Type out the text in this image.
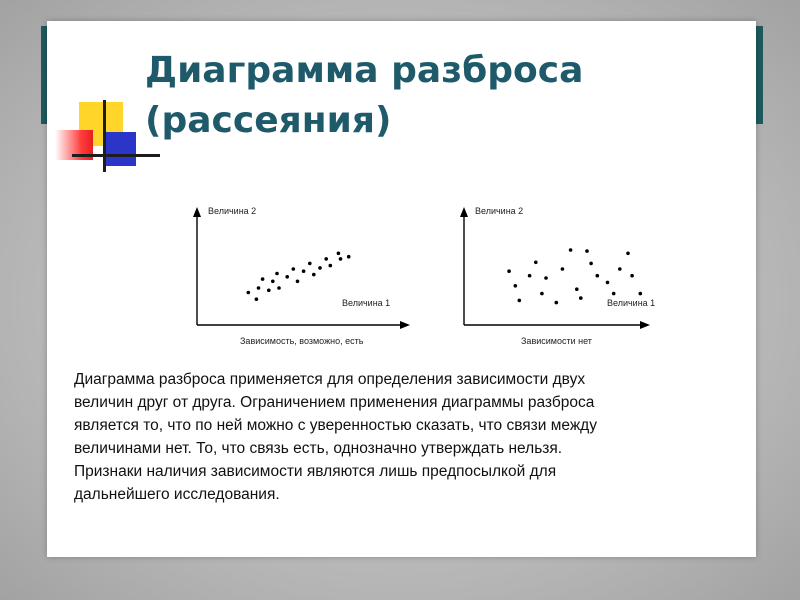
Диаграмма разброса
(рассеяния)
Величина 2
Величина 1
Зависимость, возможно, есть
Величина 2
Величина 1
Зависимости нет

Диаграмма разброса применяется для определения зависимости двух
величин друг от друга. Ограничением применения диаграммы разброса
является то, что по ней можно с уверенностью сказать, что связи между
величинами нет. То, что связь есть, однозначно утверждать нельзя.
Признаки наличия зависимости являются лишь предпосылкой для
дальнейшего исследования.
